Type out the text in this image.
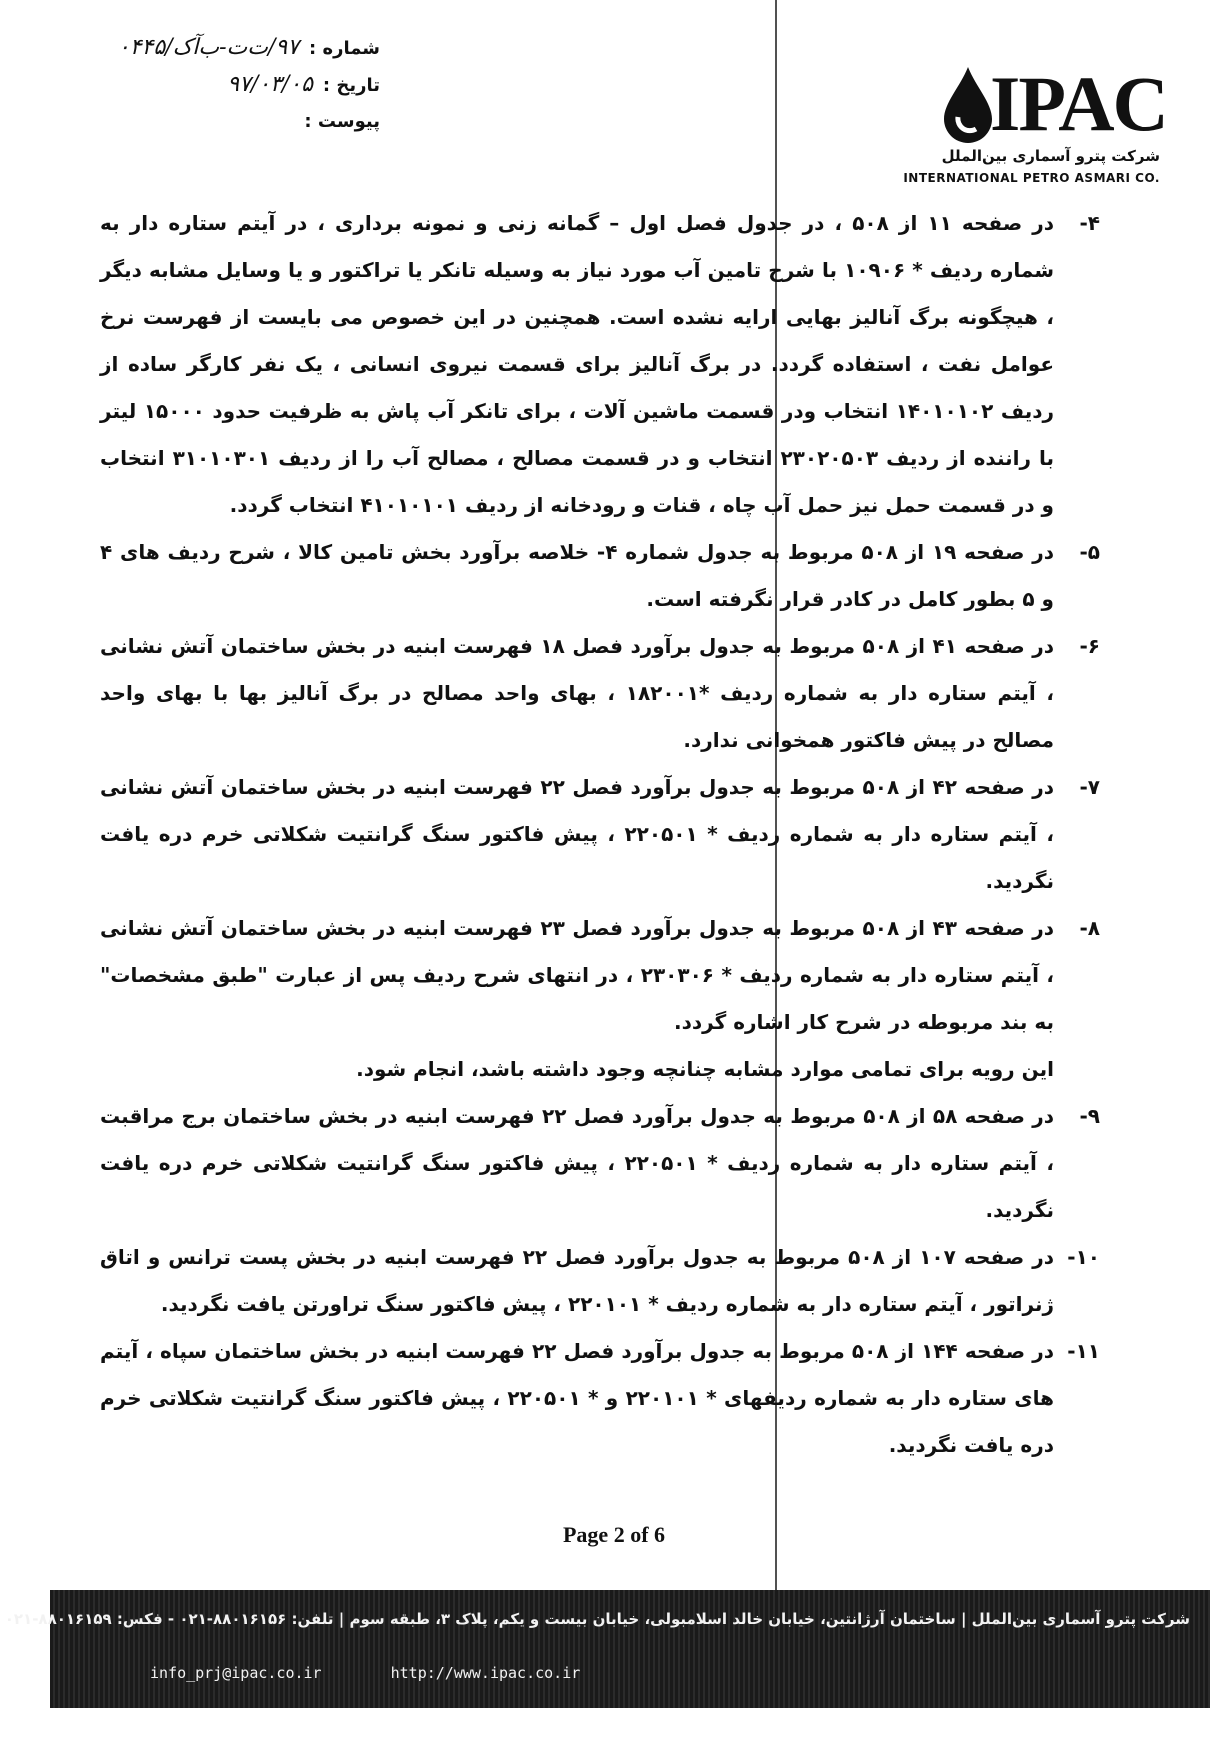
شماره :
۹۷/ت‌ت-ب‌آ‌ک/۰۴۴۵
تاریخ :
۹۷/۰۳/۰۵
پیوست :	IPAC
شرکت پترو آسماری بین‌الملل
INTERNATIONAL PETRO ASMARI CO.
۴-
در صفحه ۱۱ از ۵۰۸ ، در جدول فصل اول – گمانه زنی و نمونه برداری ، در آیتم ستاره دار به شماره ردیف * ۱۰۹۰۶ با شرح تامین آب مورد نیاز به وسیله تانکر یا تراکتور و یا وسایل مشابه دیگر ، هیچگونه برگ آنالیز بهایی ارایه نشده است. همچنین در این خصوص می بایست از فهرست نرخ عوامل نفت ، استفاده گردد. در برگ آنالیز برای قسمت نیروی انسانی ، یک نفر کارگر ساده از ردیف ۱۴۰۱۰۱۰۲ انتخاب ودر قسمت ماشین آلات ، برای تانکر آب پاش به ظرفیت حدود ۱۵۰۰۰ لیتر با راننده از ردیف ۲۳۰۲۰۵۰۳ انتخاب و در قسمت مصالح ، مصالح آب را از ردیف ۳۱۰۱۰۳۰۱ انتخاب و در قسمت حمل نیز حمل آب چاه ، قنات و رودخانه از ردیف ۴۱۰۱۰۱۰۱ انتخاب گردد.
۵-
در صفحه ۱۹ از ۵۰۸ مربوط به جدول شماره ۴- خلاصه برآورد بخش تامین کالا ، شرح ردیف های ۴ و ۵ بطور کامل در کادر قرار نگرفته است.
۶-
در صفحه ۴۱ از ۵۰۸ مربوط به جدول برآورد فصل ۱۸ فهرست ابنیه در بخش ساختمان آتش نشانی ، آیتم ستاره دار به شماره ردیف *۱۸۲۰۰۱ ، بهای واحد مصالح در برگ آنالیز بها با بهای واحد مصالح در پیش فاکتور همخوانی ندارد.
۷-
در صفحه ۴۲ از ۵۰۸ مربوط به جدول برآورد فصل ۲۲ فهرست ابنیه در بخش ساختمان آتش نشانی ، آیتم ستاره دار به شماره ردیف * ۲۲۰۵۰۱ ، پیش فاکتور سنگ گرانتیت شکلاتی خرم دره یافت نگردید.
۸-
در صفحه ۴۳ از ۵۰۸ مربوط به جدول برآورد فصل ۲۳ فهرست ابنیه در بخش ساختمان آتش نشانی ، آیتم ستاره دار به شماره ردیف * ۲۳۰۳۰۶ ، در انتهای شرح ردیف پس از عبارت "طبق مشخصات" به بند مربوطه در شرح کار اشاره گردد.
این رویه برای تمامی موارد مشابه چنانچه وجود داشته باشد، انجام شود.
۹-
در صفحه ۵۸ از ۵۰۸ مربوط به جدول برآورد فصل ۲۲ فهرست ابنیه در بخش ساختمان برج مراقبت ، آیتم ستاره دار به شماره ردیف * ۲۲۰۵۰۱ ، پیش فاکتور سنگ گرانتیت شکلاتی خرم دره یافت نگردید.
۱۰-
در صفحه ۱۰۷ از ۵۰۸ مربوط به جدول برآورد فصل ۲۲ فهرست ابنیه در بخش پست ترانس و اتاق ژنراتور ، آیتم ستاره دار به شماره ردیف * ۲۲۰۱۰۱ ، پیش فاکتور سنگ تراورتن یافت نگردید.
۱۱-
در صفحه ۱۴۴ از ۵۰۸ مربوط به جدول برآورد فصل ۲۲ فهرست ابنیه در بخش ساختمان سپاه ، آیتم های ستاره دار به شماره ردیفهای * ۲۲۰۱۰۱ و * ۲۲۰۵۰۱ ، پیش فاکتور سنگ گرانتیت شکلاتی خرم دره یافت نگردید.
Page 2 of 6
شرکت پترو آسماری بین‌الملل | ساختمان آرژانتین، خیابان خالد اسلامبولی، خیابان بیست و یکم، پلاک ۳، طبقه سوم | تلفن: ۸۸۰۱۶۱۵۶-۰۲۱ - فکس: ۸۸۰۱۶۱۵۹-۰۲۱
info_prj@ipac.co.ir	http://www.ipac.co.ir
